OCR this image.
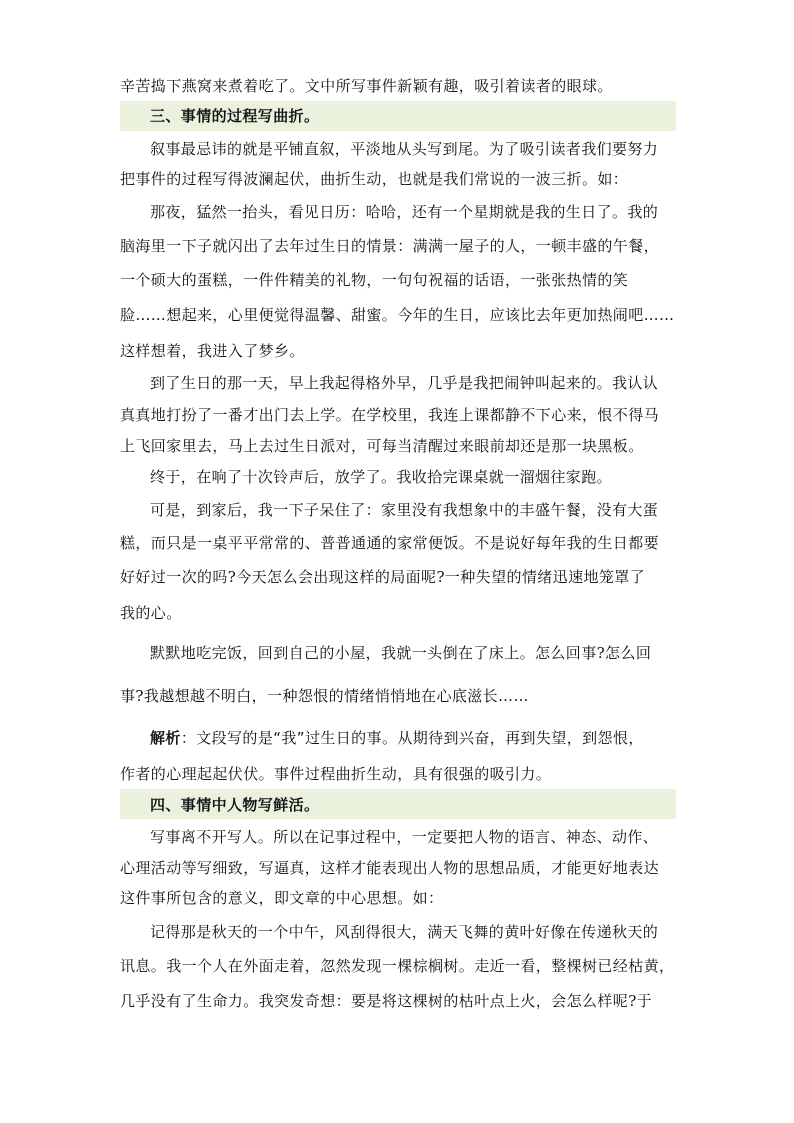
辛苦捣下燕窝来煮着吃了。文中所写事件新颖有趣，吸引着读者的眼球。
三、事情的过程写曲折。
叙事最忌讳的就是平铺直叙，平淡地从头写到尾。为了吸引读者我们要努力
把事件的过程写得波澜起伏，曲折生动，也就是我们常说的一波三折。如：
那夜，猛然一抬头，看见日历：哈哈，还有一个星期就是我的生日了。我的
脑海里一下子就闪出了去年过生日的情景：满满一屋子的人，一顿丰盛的午餐，
一个硕大的蛋糕，一件件精美的礼物，一句句祝福的话语，一张张热情的笑
脸……想起来，心里便觉得温馨、甜蜜。今年的生日，应该比去年更加热闹吧……
这样想着，我进入了梦乡。
到了生日的那一天，早上我起得格外早，几乎是我把闹钟叫起来的。我认认
真真地打扮了一番才出门去上学。在学校里，我连上课都静不下心来，恨不得马
上飞回家里去，马上去过生日派对，可每当清醒过来眼前却还是那一块黑板。
终于，在响了十次铃声后，放学了。我收拾完课桌就一溜烟往家跑。
可是，到家后，我一下子呆住了：家里没有我想象中的丰盛午餐，没有大蛋
糕，而只是一桌平平常常的、普普通通的家常便饭。不是说好每年我的生日都要
好好过一次的吗?今天怎么会出现这样的局面呢?一种失望的情绪迅速地笼罩了
我的心。
默默地吃完饭，回到自己的小屋，我就一头倒在了床上。怎么回事?怎么回
事?我越想越不明白，一种怨恨的情绪悄悄地在心底滋长……
解析：文段写的是“我”过生日的事。从期待到兴奋，再到失望，到怨恨，
作者的心理起起伏伏。事件过程曲折生动，具有很强的吸引力。
四、事情中人物写鲜活。
写事离不开写人。所以在记事过程中，一定要把人物的语言、神态、动作、
心理活动等写细致，写逼真，这样才能表现出人物的思想品质，才能更好地表达
这件事所包含的意义，即文章的中心思想。如：
记得那是秋天的一个中午，风刮得很大，满天飞舞的黄叶好像在传递秋天的
讯息。我一个人在外面走着，忽然发现一棵棕榈树。走近一看，整棵树已经枯黄，
几乎没有了生命力。我突发奇想：要是将这棵树的枯叶点上火，会怎么样呢?于
